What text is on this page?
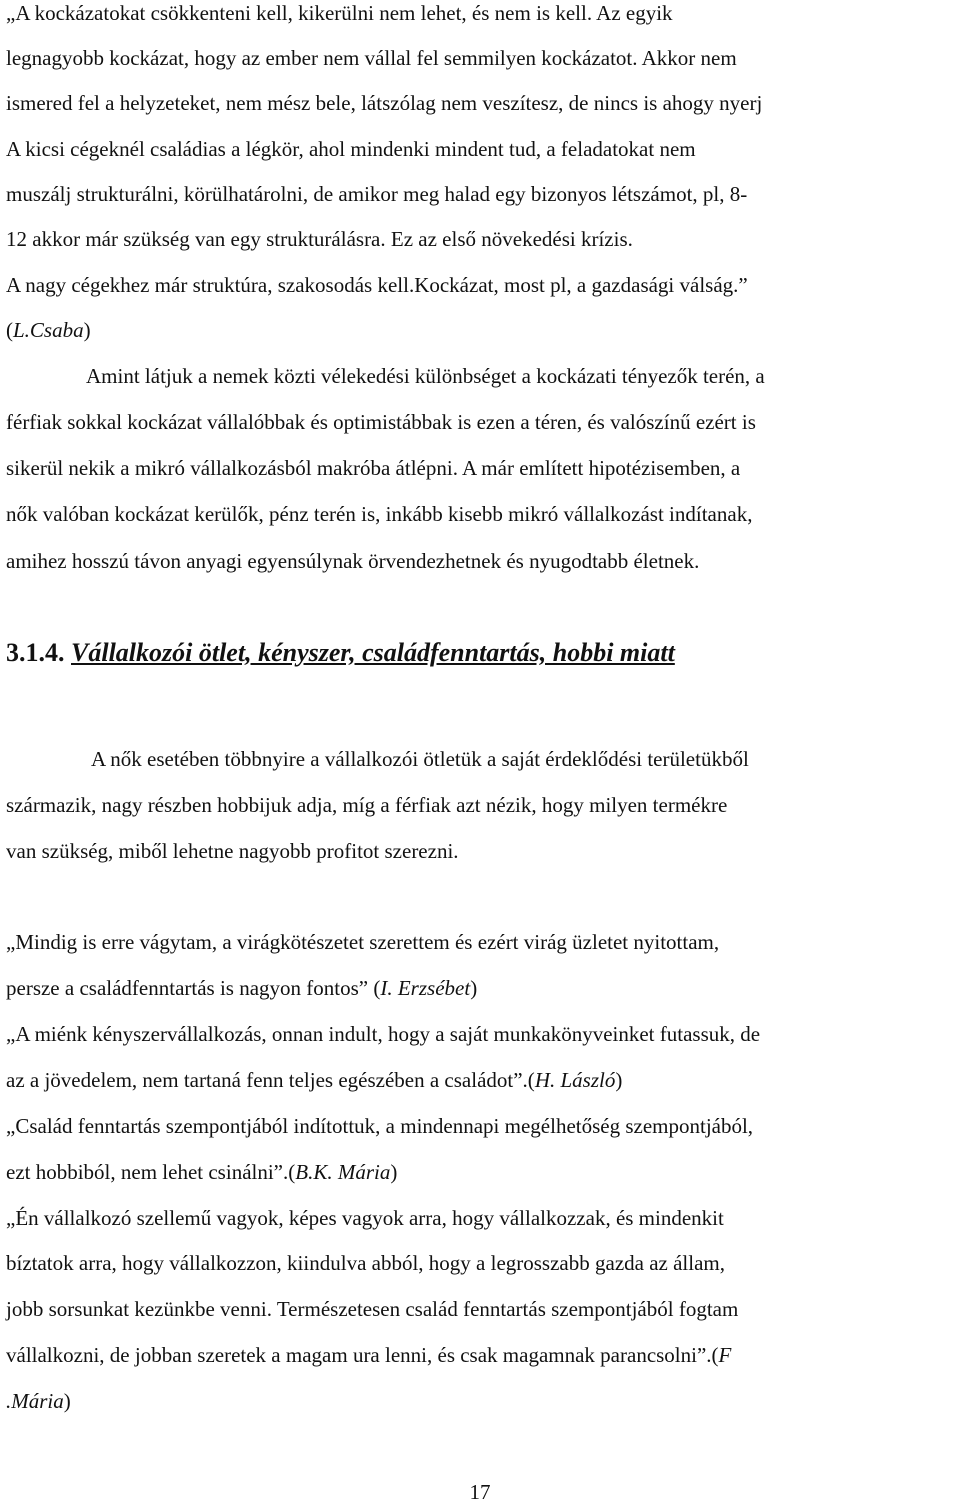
„A kockázatokat csökkenteni kell, kikerülni nem lehet, és nem is kell. Az egyik
legnagyobb kockázat, hogy az ember nem vállal fel semmilyen kockázatot. Akkor nem
ismered fel a helyzeteket, nem mész bele, látszólag nem veszítesz, de nincs is ahogy nyerj
A kicsi cégeknél családias a légkör, ahol mindenki mindent tud, a feladatokat nem
muszálj strukturálni, körülhatárolni, de amikor meg halad egy bizonyos létszámot, pl, 8-
12 akkor már szükség van egy strukturálásra. Ez az első növekedési krízis.
A nagy cégekhez már struktúra, szakosodás kell.Kockázat, most pl, a gazdasági válság.”
(L.Csaba)
Amint látjuk a nemek közti vélekedési különbséget a kockázati tényezők terén, a
férfiak sokkal kockázat vállalóbbak és optimistábbak is ezen a téren, és valószínű ezért is
sikerül nekik a mikró vállalkozásból makróba átlépni. A már említett hipotézisemben, a
nők valóban kockázat kerülők, pénz terén is, inkább kisebb mikró vállalkozást indítanak,
amihez hosszú távon anyagi egyensúlynak örvendezhetnek és nyugodtabb életnek.
3.1.4. Vállalkozói ötlet, kényszer, családfenntartás, hobbi miatt
A nők esetében többnyire a vállalkozói ötletük a saját érdeklődési területükből
származik, nagy részben hobbijuk adja, míg a férfiak azt nézik, hogy milyen termékre
van szükség, miből lehetne nagyobb profitot szerezni.
„Mindig is erre vágytam, a virágkötészetet szerettem és ezért virág üzletet nyitottam,
persze a családfenntartás is nagyon fontos” (I. Erzsébet)
„A miénk kényszervállalkozás, onnan indult, hogy a saját munkakönyveinket futassuk, de
az a jövedelem, nem tartaná fenn teljes egészében a családot”.(H. László)
„Család fenntartás szempontjából indítottuk, a mindennapi megélhetőség szempontjából,
ezt hobbiból, nem lehet csinálni”.(B.K. Mária)
„Én vállalkozó szellemű vagyok, képes vagyok arra, hogy vállalkozzak, és mindenkit
bíztatok arra, hogy vállalkozzon, kiindulva abból, hogy a legrosszabb gazda az állam,
jobb sorsunkat kezünkbe venni. Természetesen család fenntartás szempontjából fogtam
vállalkozni, de jobban szeretek a magam ura lenni, és csak magamnak parancsolni”.(F
.Mária)
17
